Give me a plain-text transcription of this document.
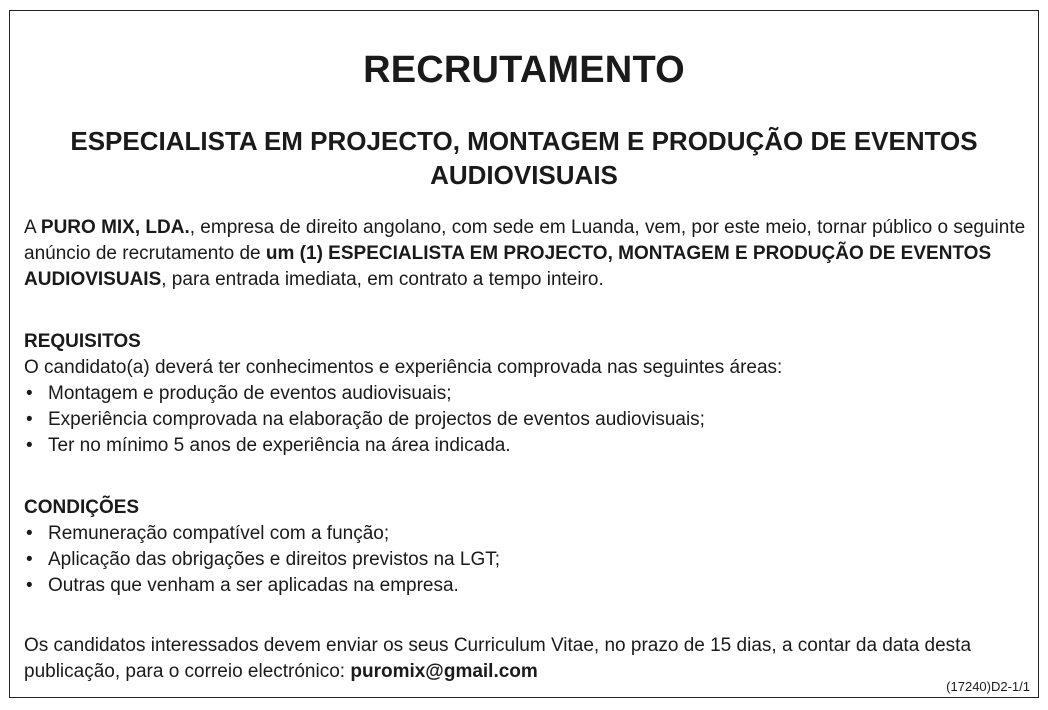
RECRUTAMENTO
ESPECIALISTA EM PROJECTO, MONTAGEM E PRODUÇÃO DE EVENTOS
AUDIOVISUAIS
A PURO MIX, LDA., empresa de direito angolano, com sede em Luanda, vem, por este meio, tornar público o seguinte anúncio de recrutamento de um (1) ESPECIALISTA EM PROJECTO, MONTAGEM E PRODUÇÃO DE EVENTOS AUDIOVISUAIS, para entrada imediata, em contrato a tempo inteiro.
REQUISITOS
O candidato(a) deverá ter conhecimentos e experiência comprovada nas seguintes áreas:
• Montagem e produção de eventos audiovisuais;
• Experiência comprovada na elaboração de projectos de eventos audiovisuais;
• Ter no mínimo 5 anos de experiência na área indicada.
CONDIÇÕES
• Remuneração compatível com a função;
• Aplicação das obrigações e direitos previstos na LGT;
• Outras que venham a ser aplicadas na empresa.
Os candidatos interessados devem enviar os seus Curriculum Vitae, no prazo de 15 dias, a contar da data desta publicação, para o correio electrónico: puromix@gmail.com
(17240)D2-1/1
